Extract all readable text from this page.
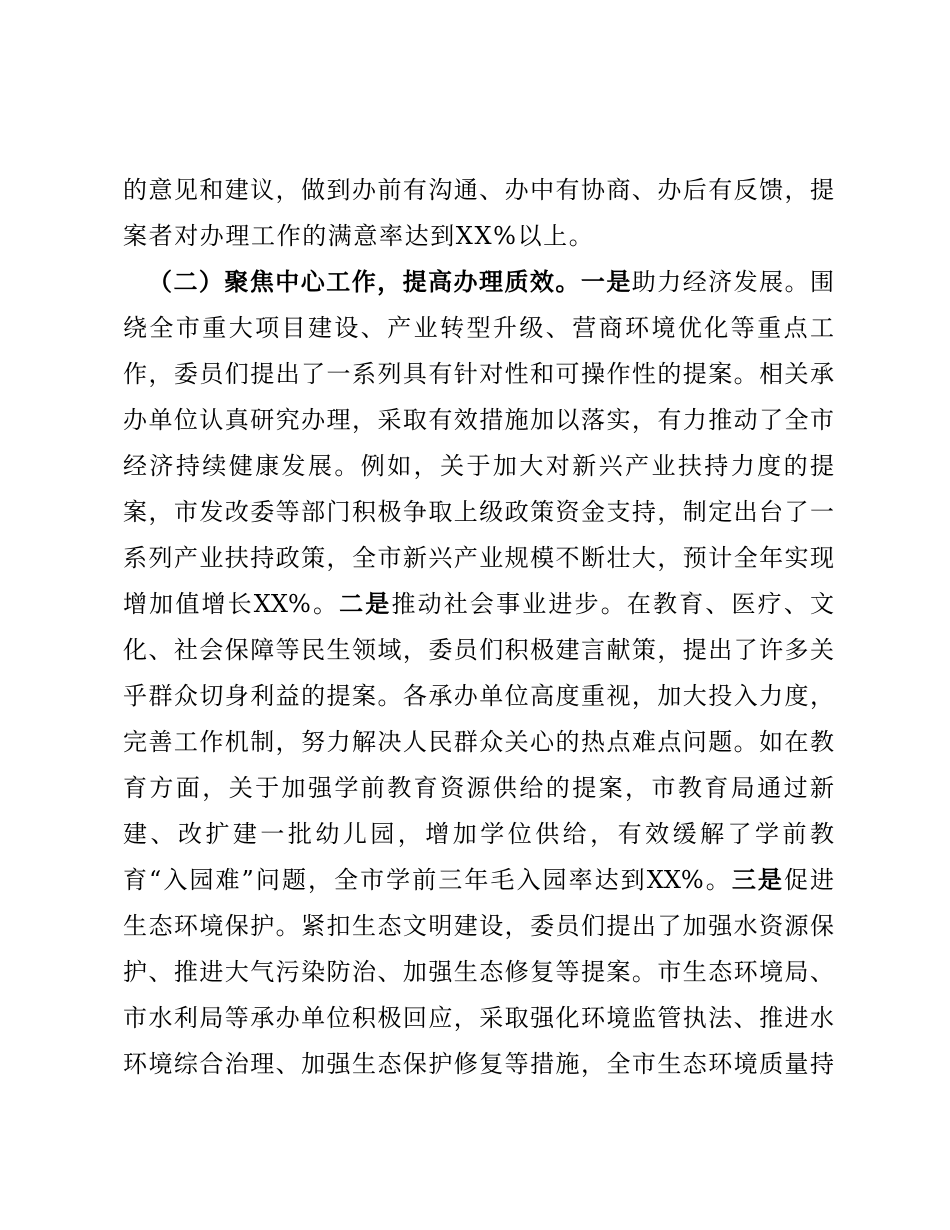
的意见和建议，做到办前有沟通、办中有协商、办后有反馈，提
案者对办理工作的满意率达到XX%以上。
（二）聚焦中心工作，提高办理质效。一是助力经济发展。围
绕全市重大项目建设、产业转型升级、营商环境优化等重点工
作，委员们提出了一系列具有针对性和可操作性的提案。相关承
办单位认真研究办理，采取有效措施加以落实，有力推动了全市
经济持续健康发展。例如，关于加大对新兴产业扶持力度的提
案，市发改委等部门积极争取上级政策资金支持，制定出台了一
系列产业扶持政策，全市新兴产业规模不断壮大，预计全年实现
增加值增长XX%。二是推动社会事业进步。在教育、医疗、文
化、社会保障等民生领域，委员们积极建言献策，提出了许多关
乎群众切身利益的提案。各承办单位高度重视，加大投入力度，
完善工作机制，努力解决人民群众关心的热点难点问题。如在教
育方面，关于加强学前教育资源供给的提案，市教育局通过新
建、改扩建一批幼儿园，增加学位供给，有效缓解了学前教
育“入园难”问题，全市学前三年毛入园率达到XX%。三是促进
生态环境保护。紧扣生态文明建设，委员们提出了加强水资源保
护、推进大气污染防治、加强生态修复等提案。市生态环境局、
市水利局等承办单位积极回应，采取强化环境监管执法、推进水
环境综合治理、加强生态保护修复等措施，全市生态环境质量持
